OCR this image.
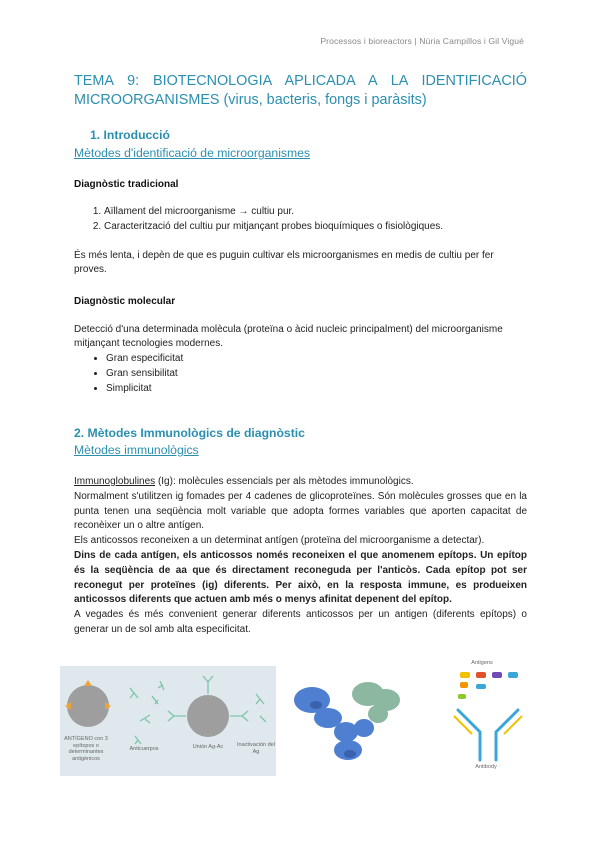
Processos i bioreactors | Núria Campillos i Gil Vigué
TEMA 9: BIOTECNOLOGIA APLICADA A LA IDENTIFICACIÓ
MICROORGANISMES (virus, bacteris, fongs i paràsits)
1. Introducció
Mètodes d'identificació de microorganismes
Diagnòstic tradicional
1. Aïllament del microorganisme → cultiu pur.
2. Caracterització del cultiu pur mitjançant probes bioquímiques o fisiològiques.

És més lenta, i depèn de que es puguin cultivar els microorganismes en medis de cultiu per fer proves.

Diagnòstic molecular

Detecció d'una determinada molècula (proteïna o àcid nucleic principalment) del microorganisme mitjançant tecnologies modernes.

• Gran especificitat
• Gran sensibilitat
• Simplicitat
2. Mètodes Immunològics de diagnòstic
Mètodes immunològics

Immunoglobulines (Ig): molècules essencials per als mètodes immunològics.

Normalment s'utilitzen ig fomades per 4 cadenes de glicoproteïnes. Són molècules grosses que en la punta tenen una seqüència molt variable que adopta formes variables que aporten capacitat de reconèixer un o altre antígen.

Els anticossos reconeixen a un determinat antígen (proteïna del microorganisme a detectar).

Dins de cada antígen, els anticossos només reconeixen el que anomenem epítops. Un epítop és la seqüència de aa que és directament reconeguda per l'anticòs. Cada epítop pot ser reconegut per proteïnes (ig) diferents. Per això, en la resposta immune, es produeixen anticossos diferents que actuen amb més o menys afinitat depenent del epítop.

A vegades és més convenient generar diferents anticossos per un antigen (diferents epítops) o generar un de sol amb alta especificitat.

ANTÍGENO con 3 epítopos o determinantes antigénicos
Anticuerpos	Unión Ag-Ac	Inactivación del Ag
Antigens
Antibody
